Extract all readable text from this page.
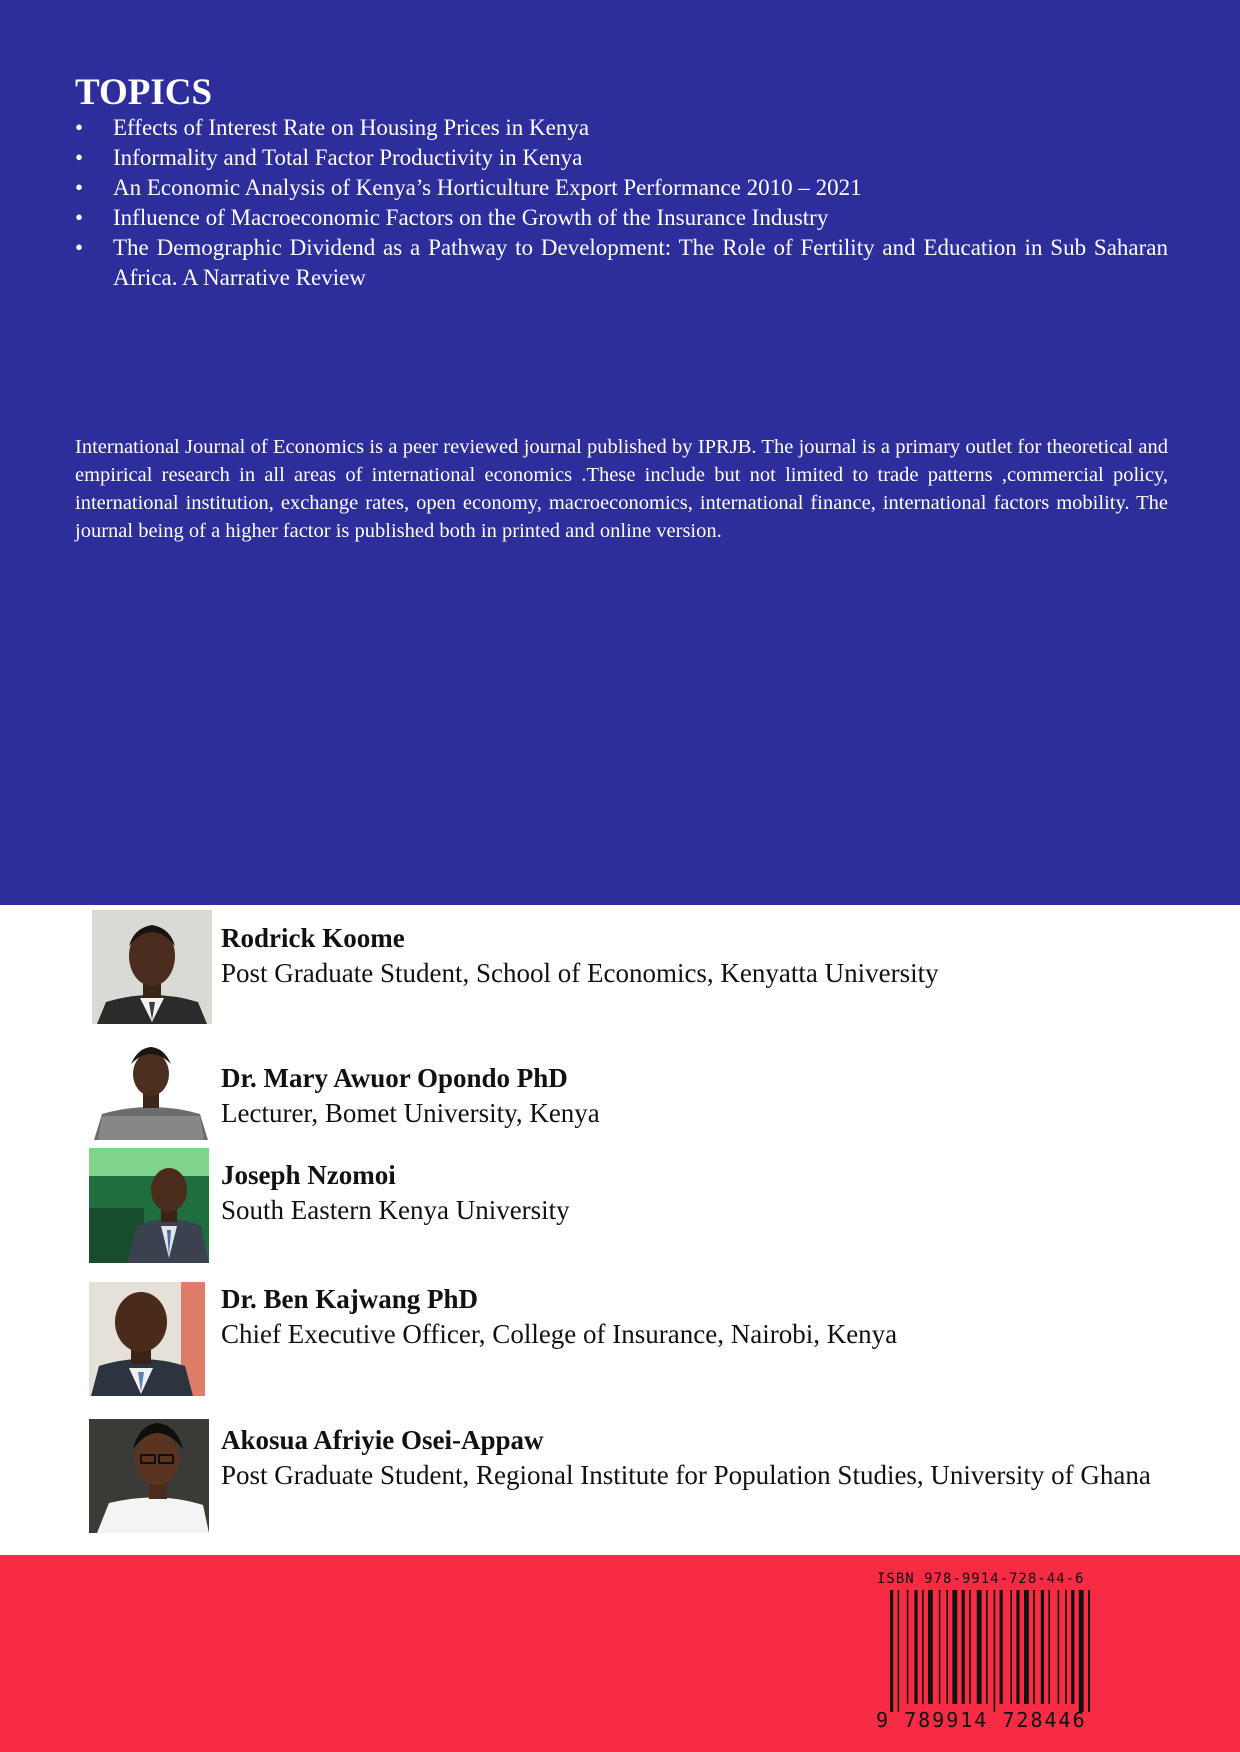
TOPICS
•	Effects of Interest Rate on Housing Prices in Kenya
•	Informality and Total Factor Productivity in Kenya
•	An Economic Analysis of Kenya’s Horticulture Export Performance 2010 – 2021
•	Influence of Macroeconomic Factors on the Growth of the Insurance Industry
•	The Demographic Dividend as a Pathway to Development: The Role of Fertility and Education in Sub Saharan Africa. A Narrative Review

International Journal of Economics is a peer reviewed journal published by IPRJB. The journal is a primary outlet for theoretical and empirical research in all areas of international economics .These include but not limited to trade patterns ,commercial policy, international institution, exchange rates, open economy, macroeconomics, international finance, international factors mobility. The journal being of a higher factor is published both in printed and online version.

Rodrick Koome
Post Graduate Student, School of Economics, Kenyatta University
Dr. Mary Awuor Opondo PhD
Lecturer, Bomet University, Kenya
Joseph Nzomoi
South Eastern Kenya University
Dr. Ben Kajwang PhD
Chief Executive Officer, College of Insurance, Nairobi, Kenya
Akosua Afriyie Osei-Appaw
Post Graduate Student, Regional Institute for Population Studies, University of Ghana
ISBN 978-9914-728-44-6
9 789914 728446
